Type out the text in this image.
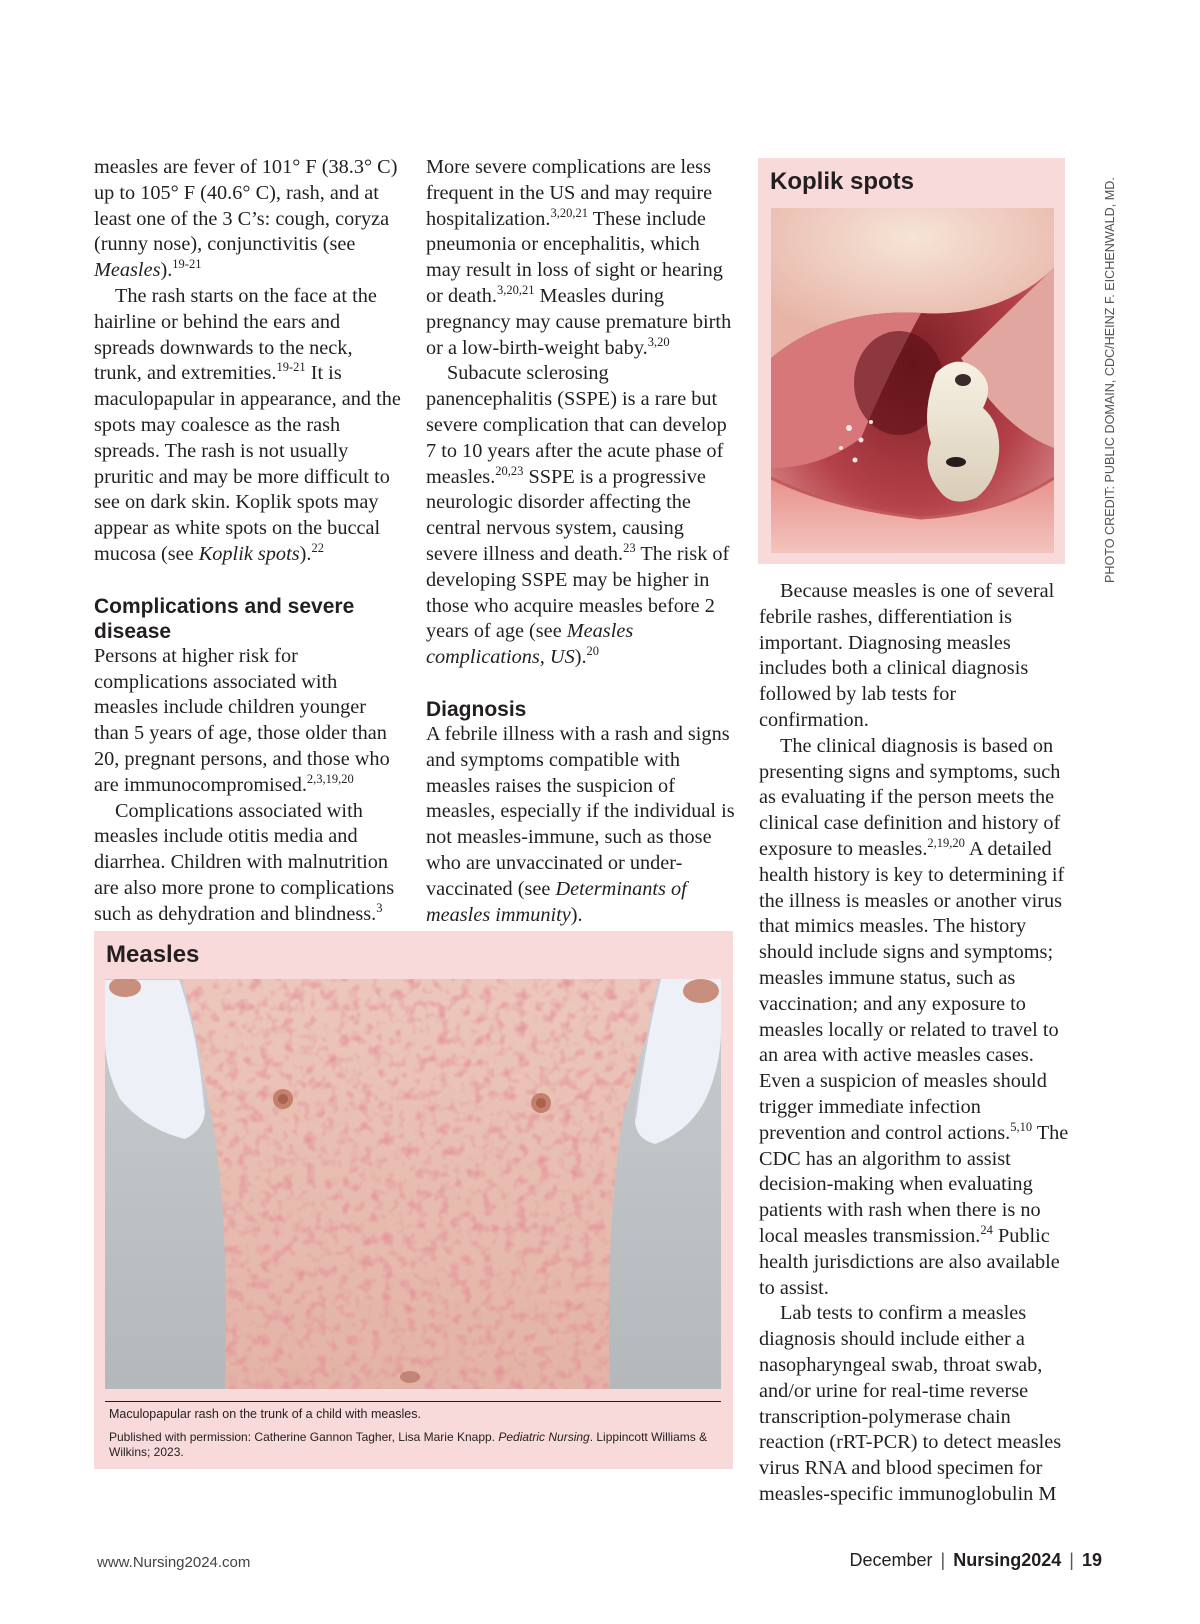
measles are fever of 101° F (38.3° C) up to 105° F (40.6° C), rash, and at least one of the 3 C’s: cough, coryza (runny nose), conjunctivitis (see Measles).$^{19-21}$

The rash starts on the face at the hairline or behind the ears and spreads downwards to the neck, trunk, and extremities.$^{19-21}$ It is maculopapular in appearance, and the spots may coalesce as the rash spreads. The rash is not usually pruritic and may be more difficult to see on dark skin. Koplik spots may appear as white spots on the buccal mucosa (see Koplik spots).$^{22}$

Complications and severe disease

Persons at higher risk for complications associated with measles include children younger than 5 years of age, those older than 20, pregnant persons, and those who are immunocompromised.$^{2,3,19,20}$

Complications associated with measles include otitis media and diarrhea. Children with malnutrition are also more prone to complications such as dehydration and blindness.$^3$

More severe complications are less frequent in the US and may require hospitalization.$^{3,20,21}$ These include pneumonia or encephalitis, which may result in loss of sight or hearing or death.$^{3,20,21}$ Measles during pregnancy may cause premature birth or a low-birth-weight baby.$^{3,20}$

Subacute sclerosing panencephalitis (SSPE) is a rare but severe complication that can develop 7 to 10 years after the acute phase of measles.$^{20,23}$ SSPE is a progressive neurologic disorder affecting the central nervous system, causing severe illness and death.$^{23}$ The risk of developing SSPE may be higher in those who acquire measles before 2 years of age (see Measles complications, US).$^{20}$

Diagnosis

A febrile illness with a rash and signs and symptoms compatible with measles raises the suspicion of measles, especially if the individual is not measles-immune, such as those who are unvaccinated or under-vaccinated (see Determinants of measles immunity).

Koplik spots	PHOTO CREDIT: PUBLIC DOMAIN, CDC/HEINZ F. EICHENWALD, MD.

Because measles is one of several febrile rashes, differentiation is important. Diagnosing measles includes both a clinical diagnosis followed by lab tests for confirmation.

The clinical diagnosis is based on presenting signs and symptoms, such as evaluating if the person meets the clinical case definition and history of exposure to measles.$^{2,19,20}$ A detailed health history is key to determining if the illness is measles or another virus that mimics measles. The history should include signs and symptoms; measles immune status, such as vaccination; and any exposure to measles locally or related to travel to an area with active measles cases. Even a suspicion of measles should trigger immediate infection prevention and control actions.$^{5,10}$ The CDC has an algorithm to assist decision-making when evaluating patients with rash when there is no local measles transmission.$^{24}$ Public health jurisdictions are also available to assist.

Lab tests to confirm a measles diagnosis should include either a nasopharyngeal swab, throat swab, and/or urine for real-time reverse transcription-polymerase chain reaction (rRT-PCR) to detect measles virus RNA and blood specimen for measles-specific immunoglobulin M

Measles
Maculopapular rash on the trunk of a child with measles.
Published with permission: Catherine Gannon Tagher, Lisa Marie Knapp. Pediatric Nursing. Lippincott Williams & Wilkins; 2023.
www.Nursing2024.com	December | Nursing2024 | 19
